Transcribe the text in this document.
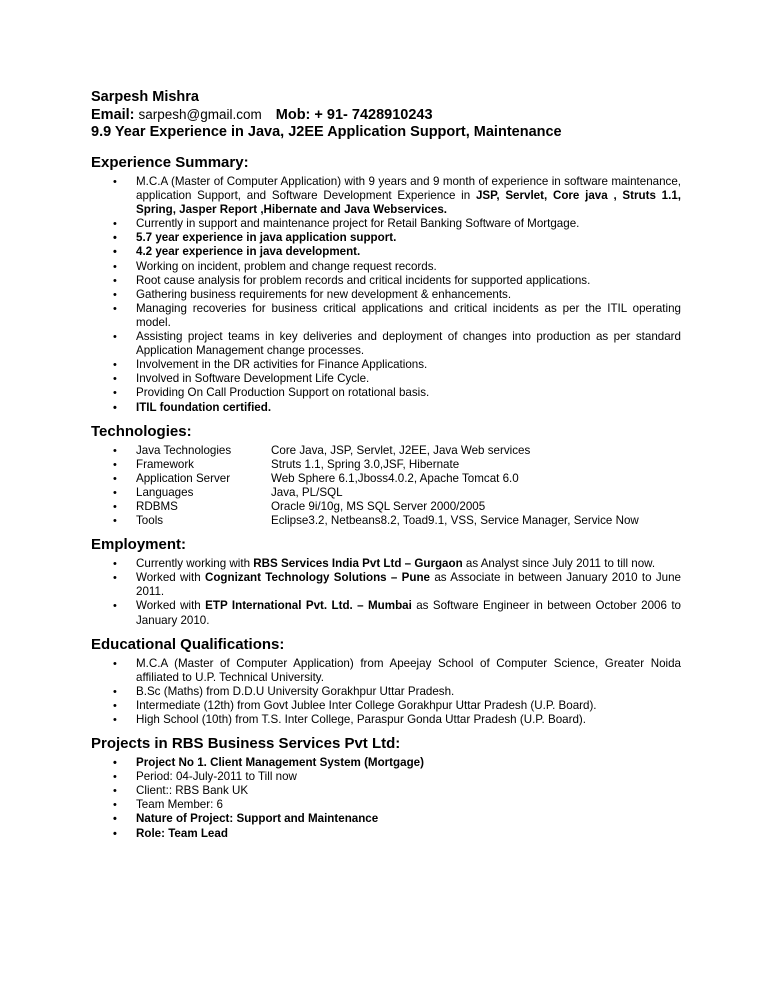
Sarpesh Mishra

Email: sarpesh@gmail.com Mob: + 91- 7428910243

9.9 Year Experience in Java, J2EE Application Support, Maintenance

Experience Summary:
• M.C.A (Master of Computer Application) with 9 years and 9 month of experience in software maintenance, application Support, and Software Development Experience in JSP, Servlet, Core java , Struts 1.1, Spring, Jasper Report ,Hibernate and Java Webservices.
• Currently in support and maintenance project for Retail Banking Software of Mortgage.
• 5.7 year experience in java application support.
• 4.2 year experience in java development.
• Working on incident, problem and change request records.
• Root cause analysis for problem records and critical incidents for supported applications.
• Gathering business requirements for new development & enhancements.
• Managing recoveries for business critical applications and critical incidents as per the ITIL operating model.
• Assisting project teams in key deliveries and deployment of changes into production as per standard Application Management change processes.
• Involvement in the DR activities for Finance Applications.
• Involved in Software Development Life Cycle.
• Providing On Call Production Support on rotational basis.
• ITIL foundation certified.
Technologies:
• Java Technologies	Core Java, JSP, Servlet, J2EE, Java Web services
• Framework	Struts 1.1, Spring 3.0,JSF, Hibernate
• Application Server	Web Sphere 6.1,Jboss4.0.2, Apache Tomcat 6.0
• Languages	Java, PL/SQL
• RDBMS	Oracle 9i/10g, MS SQL Server 2000/2005
• Tools	Eclipse3.2, Netbeans8.2, Toad9.1, VSS, Service Manager, Service Now
Employment:
• Currently working with RBS Services India Pvt Ltd – Gurgaon as Analyst since July 2011 to till now.
• Worked with Cognizant Technology Solutions – Pune as Associate in between January 2010 to June 2011.
• Worked with ETP International Pvt. Ltd. – Mumbai as Software Engineer in between October 2006 to January 2010.
Educational Qualifications:
• M.C.A (Master of Computer Application) from Apeejay School of Computer Science, Greater Noida affiliated to U.P. Technical University.
• B.Sc (Maths) from D.D.U University Gorakhpur Uttar Pradesh.
• Intermediate (12th) from Govt Jublee Inter College Gorakhpur Uttar Pradesh (U.P. Board).
• High School (10th) from T.S. Inter College, Paraspur Gonda Uttar Pradesh (U.P. Board).
Projects in RBS Business Services Pvt Ltd:
• Project No 1. Client Management System (Mortgage)
• Period: 04-July-2011 to Till now
• Client:: RBS Bank UK
• Team Member: 6
• Nature of Project: Support and Maintenance
• Role: Team Lead
